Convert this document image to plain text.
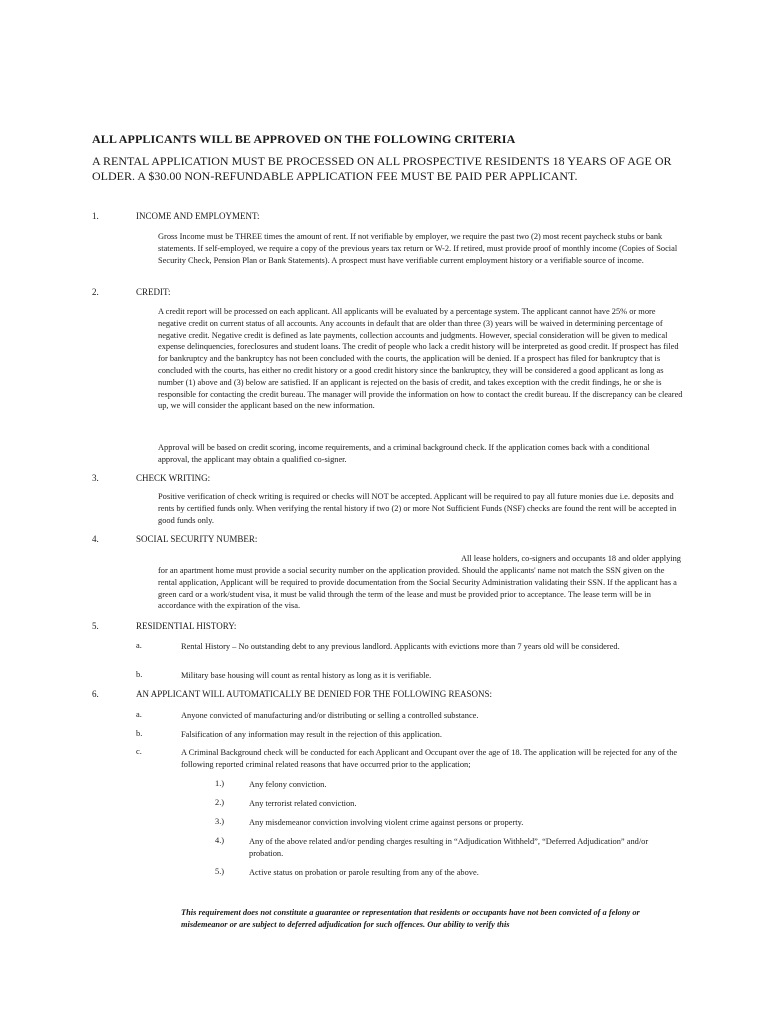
ALL APPLICANTS WILL BE APPROVED ON THE FOLLOWING CRITERIA
A RENTAL APPLICATION MUST BE PROCESSED ON ALL PROSPECTIVE RESIDENTS 18 YEARS OF AGE OR OLDER. A $30.00 NON-REFUNDABLE APPLICATION FEE MUST BE PAID PER APPLICANT.
1.	INCOME AND EMPLOYMENT:
Gross Income must be THREE times the amount of rent. If not verifiable by employer, we require the past two (2) most recent paycheck stubs or bank statements. If self-employed, we require a copy of the previous years tax return or W-2. If retired, must provide proof of monthly income (Copies of Social Security Check, Pension Plan or Bank Statements). A prospect must have verifiable current employment history or a verifiable source of income.
2.	CREDIT:
A credit report will be processed on each applicant. All applicants will be evaluated by a percentage system. The applicant cannot have 25% or more negative credit on current status of all accounts. Any accounts in default that are older than three (3) years will be waived in determining percentage of negative credit. Negative credit is defined as late payments, collection accounts and judgments. However, special consideration will be given to medical expense delinquencies, foreclosures and student loans. The credit of people who lack a credit history will be interpreted as good credit. If prospect has filed for bankruptcy and the bankruptcy has not been concluded with the courts, the application will be denied. If a prospect has filed for bankruptcy that is concluded with the courts, has either no credit history or a good credit history since the bankruptcy, they will be considered a good applicant as long as number (1) above and (3) below are satisfied. If an applicant is rejected on the basis of credit, and takes exception with the credit findings, he or she is responsible for contacting the credit bureau. The manager will provide the information on how to contact the credit bureau. If the discrepancy can be cleared up, we will consider the applicant based on the new information.
Approval will be based on credit scoring, income requirements, and a criminal background check. If the application comes back with a conditional approval, the applicant may obtain a qualified co-signer.
3.	CHECK WRITING:
Positive verification of check writing is required or checks will NOT be accepted. Applicant will be required to pay all future monies due i.e. deposits and rents by certified funds only. When verifying the rental history if two (2) or more Not Sufficient Funds (NSF) checks are found the rent will be accepted in good funds only.
4.	SOCIAL SECURITY NUMBER:
All lease holders, co-signers and occupants 18 and older applying
for an apartment home must provide a social security number on the application provided. Should the applicants' name not match the SSN given on the rental application, Applicant will be required to provide documentation from the Social Security Administration validating their SSN. If the applicant has a green card or a work/student visa, it must be valid through the term of the lease and must be provided prior to acceptance. The lease term will be in accordance with the expiration of the visa.
5.	RESIDENTIAL HISTORY:
a.	Rental History – No outstanding debt to any previous landlord. Applicants with evictions more than 7 years old will be considered.
b.	Military base housing will count as rental history as long as it is verifiable.
6.	AN APPLICANT WILL AUTOMATICALLY BE DENIED FOR THE FOLLOWING REASONS:
a.	Anyone convicted of manufacturing and/or distributing or selling a controlled substance.
b.	Falsification of any information may result in the rejection of this application.
c.	A Criminal Background check will be conducted for each Applicant and Occupant over the age of 18. The application will be rejected for any of the following reported criminal related reasons that have occurred prior to the application;
1.)	Any felony conviction.
2.)	Any terrorist related conviction.
3.)	Any misdemeanor conviction involving violent crime against persons or property.
4.)	Any of the above related and/or pending charges resulting in “Adjudication Withheld”, “Deferred Adjudication” and/or probation.
5.)	Active status on probation or parole resulting from any of the above.
This requirement does not constitute a guarantee or representation that residents or occupants have not been convicted of a felony or misdemeanor or are subject to deferred adjudication for such offences. Our ability to verify this
